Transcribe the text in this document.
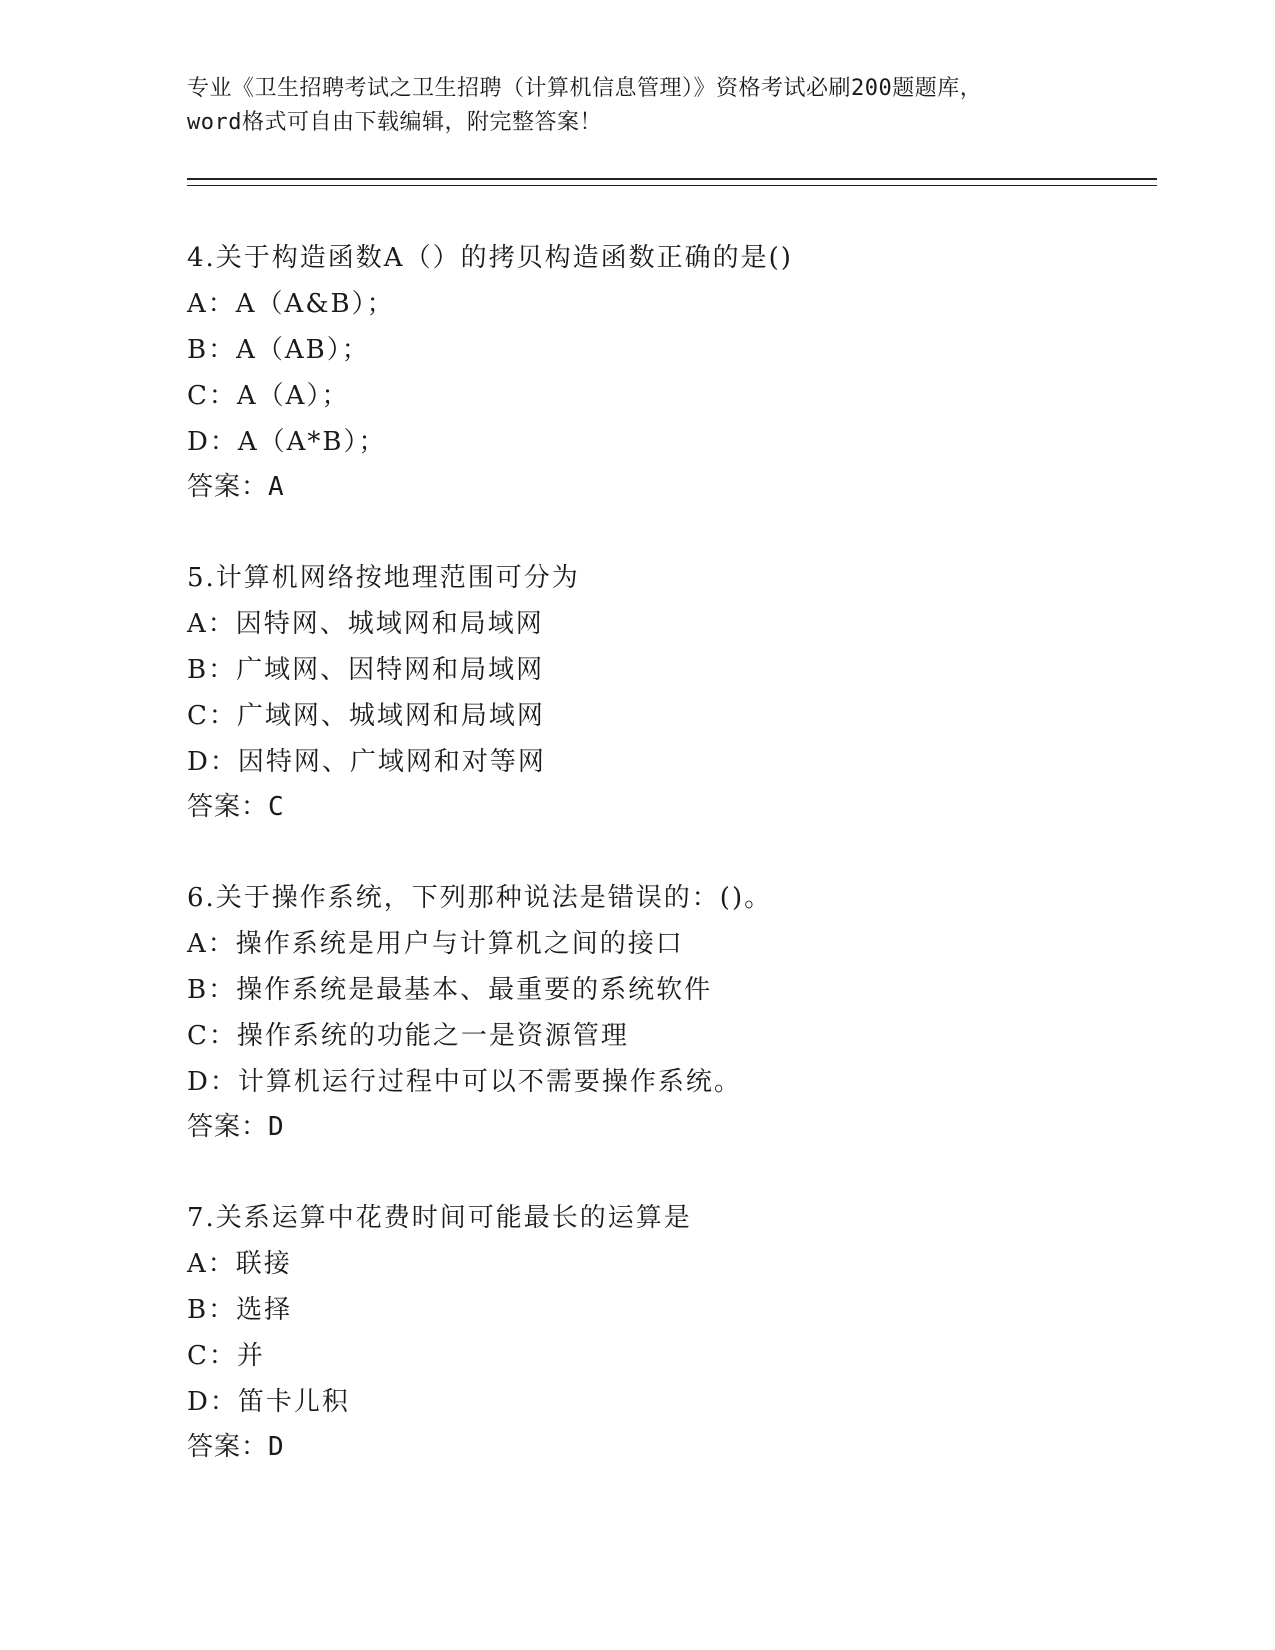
专业《卫生招聘考试之卫生招聘（计算机信息管理）》资格考试必刷200题题库，
word格式可自由下载编辑，附完整答案！
4.关于构造函数A（）的拷贝构造函数正确的是()
A：A（A&B）；
B：A（AB）；
C：A（A）；
D：A（A*B）；
答案：A
5.计算机网络按地理范围可分为
A：因特网、城域网和局域网
B：广域网、因特网和局域网
C：广域网、城域网和局域网
D：因特网、广域网和对等网
答案：C
6.关于操作系统，下列那种说法是错误的：()。
A：操作系统是用户与计算机之间的接口
B：操作系统是最基本、最重要的系统软件
C：操作系统的功能之一是资源管理
D：计算机运行过程中可以不需要操作系统。
答案：D
7.关系运算中花费时间可能最长的运算是
A：联接
B：选择
C：并
D：笛卡儿积
答案：D
